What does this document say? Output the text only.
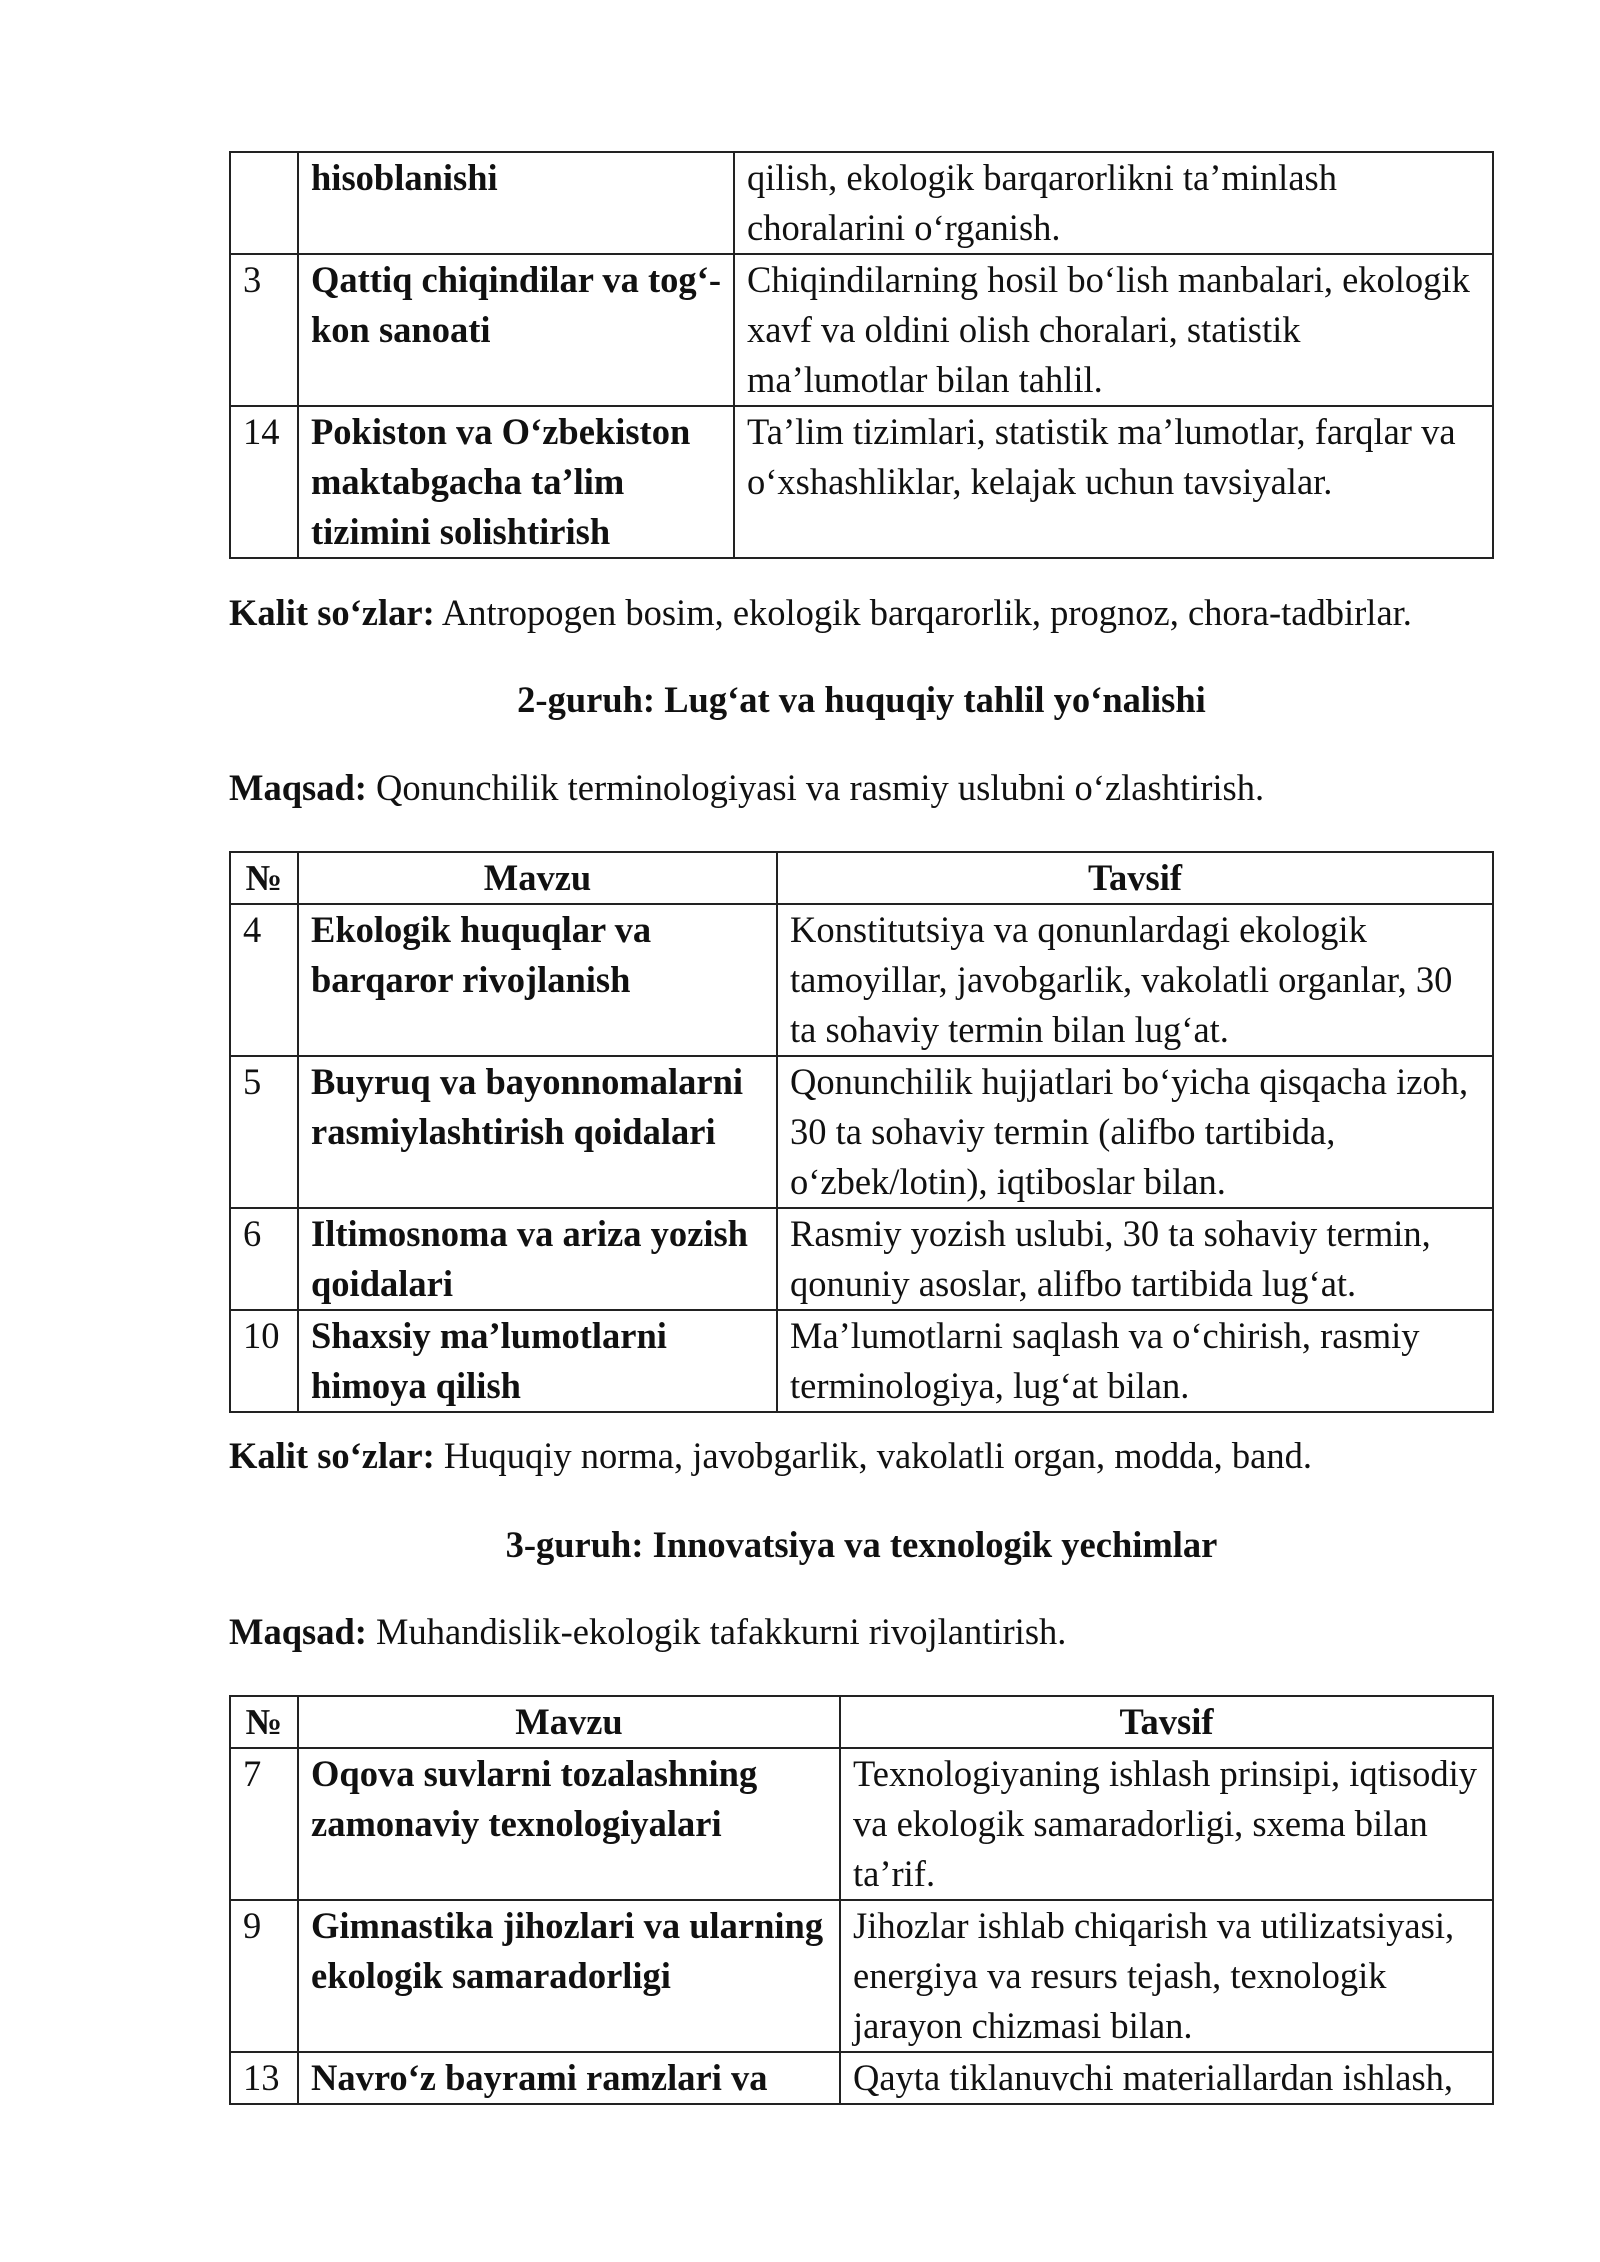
	hisoblanishi	qilish, ekologik barqarorlikni ta’minlash choralarini o‘rganish.
3	Qattiq chiqindilar va tog‘-kon sanoati	Chiqindilarning hosil bo‘lish manbalari, ekologik xavf va oldini olish choralari, statistik ma’lumotlar bilan tahlil.
14	Pokiston va O‘zbekiston maktabgacha ta’lim tizimini solishtirish	Ta’lim tizimlari, statistik ma’lumotlar, farqlar va o‘xshashliklar, kelajak uchun tavsiyalar.

Kalit so‘zlar: Antropogen bosim, ekologik barqarorlik, prognoz, chora-tadbirlar.

2-guruh: Lug‘at va huquqiy tahlil yo‘nalishi

Maqsad: Qonunchilik terminologiyasi va rasmiy uslubni o‘zlashtirish.

№	Mavzu	Tavsif
4	Ekologik huquqlar va barqaror rivojlanish	Konstitutsiya va qonunlardagi ekologik tamoyillar, javobgarlik, vakolatli organlar, 30 ta sohaviy termin bilan lug‘at.
5	Buyruq va bayonnomalarni rasmiylashtirish qoidalari	Qonunchilik hujjatlari bo‘yicha qisqacha izoh, 30 ta sohaviy termin (alifbo tartibida, o‘zbek/lotin), iqtiboslar bilan.
6	Iltimosnoma va ariza yozish qoidalari	Rasmiy yozish uslubi, 30 ta sohaviy termin, qonuniy asoslar, alifbo tartibida lug‘at.
10	Shaxsiy ma’lumotlarni himoya qilish	Ma’lumotlarni saqlash va o‘chirish, rasmiy terminologiya, lug‘at bilan.

Kalit so‘zlar: Huquqiy norma, javobgarlik, vakolatli organ, modda, band.

3-guruh: Innovatsiya va texnologik yechimlar

Maqsad: Muhandislik-ekologik tafakkurni rivojlantirish.

№	Mavzu	Tavsif
7	Oqova suvlarni tozalashning zamonaviy texnologiyalari	Texnologiyaning ishlash prinsipi, iqtisodiy va ekologik samaradorligi, sxema bilan ta’rif.
9	Gimnastika jihozlari va ularning ekologik samaradorligi	Jihozlar ishlab chiqarish va utilizatsiyasi, energiya va resurs tejash, texnologik jarayon chizmasi bilan.
13	Navro‘z bayrami ramzlari va	Qayta tiklanuvchi materiallardan ishlash,
